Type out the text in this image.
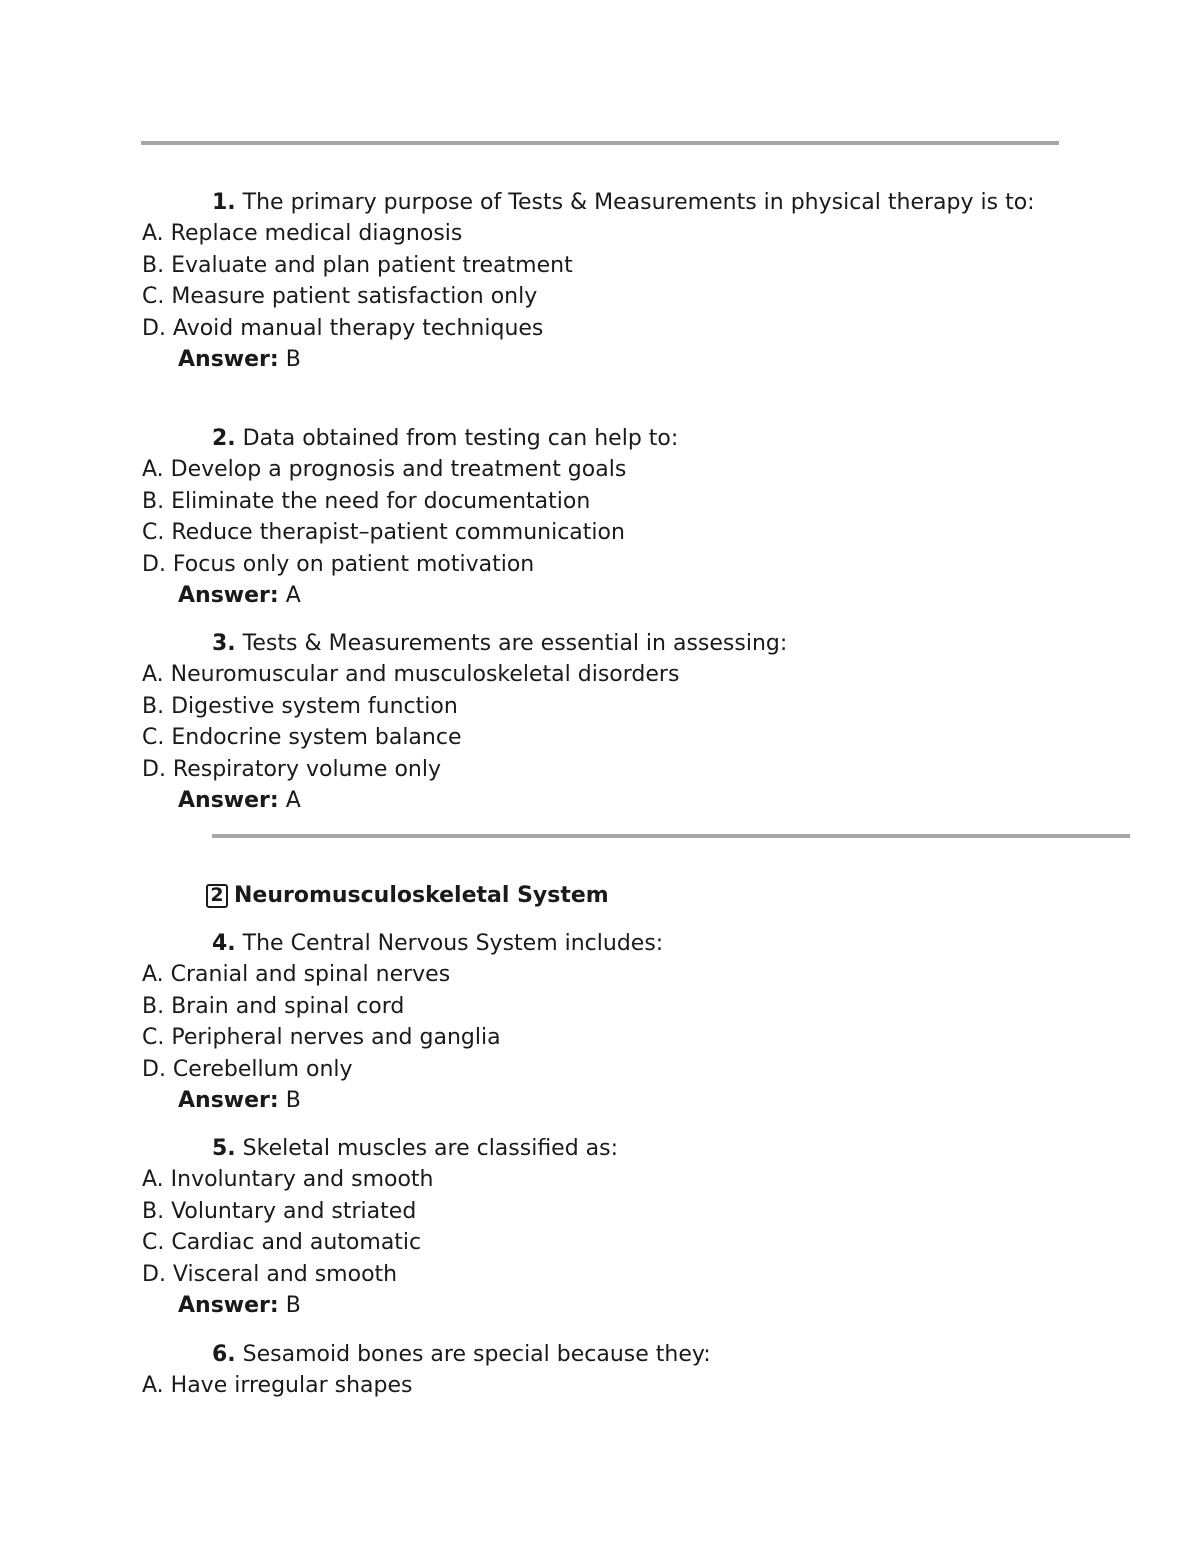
1. The primary purpose of Tests & Measurements in physical therapy is to:

A. Replace medical diagnosis

B. Evaluate and plan patient treatment

C. Measure patient satisfaction only

D. Avoid manual therapy techniques

Answer: B

2. Data obtained from testing can help to:

A. Develop a prognosis and treatment goals

B. Eliminate the need for documentation

C. Reduce therapist–patient communication

D. Focus only on patient motivation

Answer: A

3. Tests & Measurements are essential in assessing:

A. Neuromuscular and musculoskeletal disorders

B. Digestive system function

C. Endocrine system balance

D. Respiratory volume only

Answer: A

2 Neuromusculoskeletal System

4. The Central Nervous System includes:

A. Cranial and spinal nerves

B. Brain and spinal cord

C. Peripheral nerves and ganglia

D. Cerebellum only

Answer: B

5. Skeletal muscles are classified as:

A. Involuntary and smooth

B. Voluntary and striated

C. Cardiac and automatic

D. Visceral and smooth

Answer: B

6. Sesamoid bones are special because they:

A. Have irregular shapes
